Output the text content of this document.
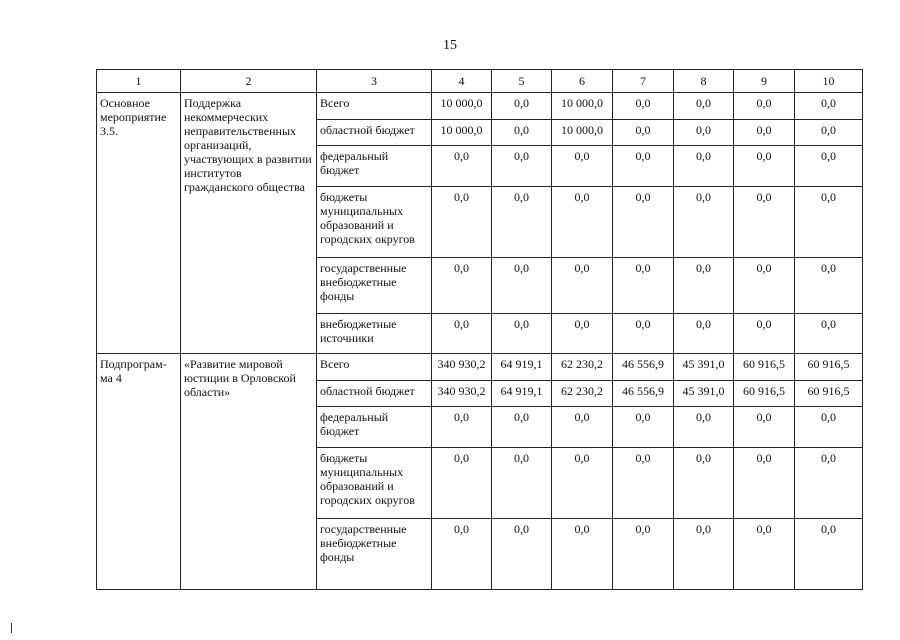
15
1	2	3	4	5	6	7	8	9	10
Основное мероприятие 3.5.	Поддержка некоммерческих неправительственных организаций, участвующих в развитии институтов гражданского общества	Всего	10 000,0	0,0	10 000,0	0,0	0,0	0,0	0,0
		областной бюджет	10 000,0	0,0	10 000,0	0,0	0,0	0,0	0,0
		федеральный бюджет	0,0	0,0	0,0	0,0	0,0	0,0	0,0
		бюджеты муниципальных образований и городских округов	0,0	0,0	0,0	0,0	0,0	0,0	0,0
		государственные внебюджетные фонды	0,0	0,0	0,0	0,0	0,0	0,0	0,0
		внебюджетные источники	0,0	0,0	0,0	0,0	0,0	0,0	0,0
Подпрограм-ма 4	«Развитие мировой юстиции в Орловской области»	Всего	340 930,2	64 919,1	62 230,2	46 556,9	45 391,0	60 916,5	60 916,5
		областной бюджет	340 930,2	64 919,1	62 230,2	46 556,9	45 391,0	60 916,5	60 916,5
		федеральный бюджет	0,0	0,0	0,0	0,0	0,0	0,0	0,0
		бюджеты муниципальных образований и городских округов	0,0	0,0	0,0	0,0	0,0	0,0	0,0
		государственные внебюджетные фонды	0,0	0,0	0,0	0,0	0,0	0,0	0,0
